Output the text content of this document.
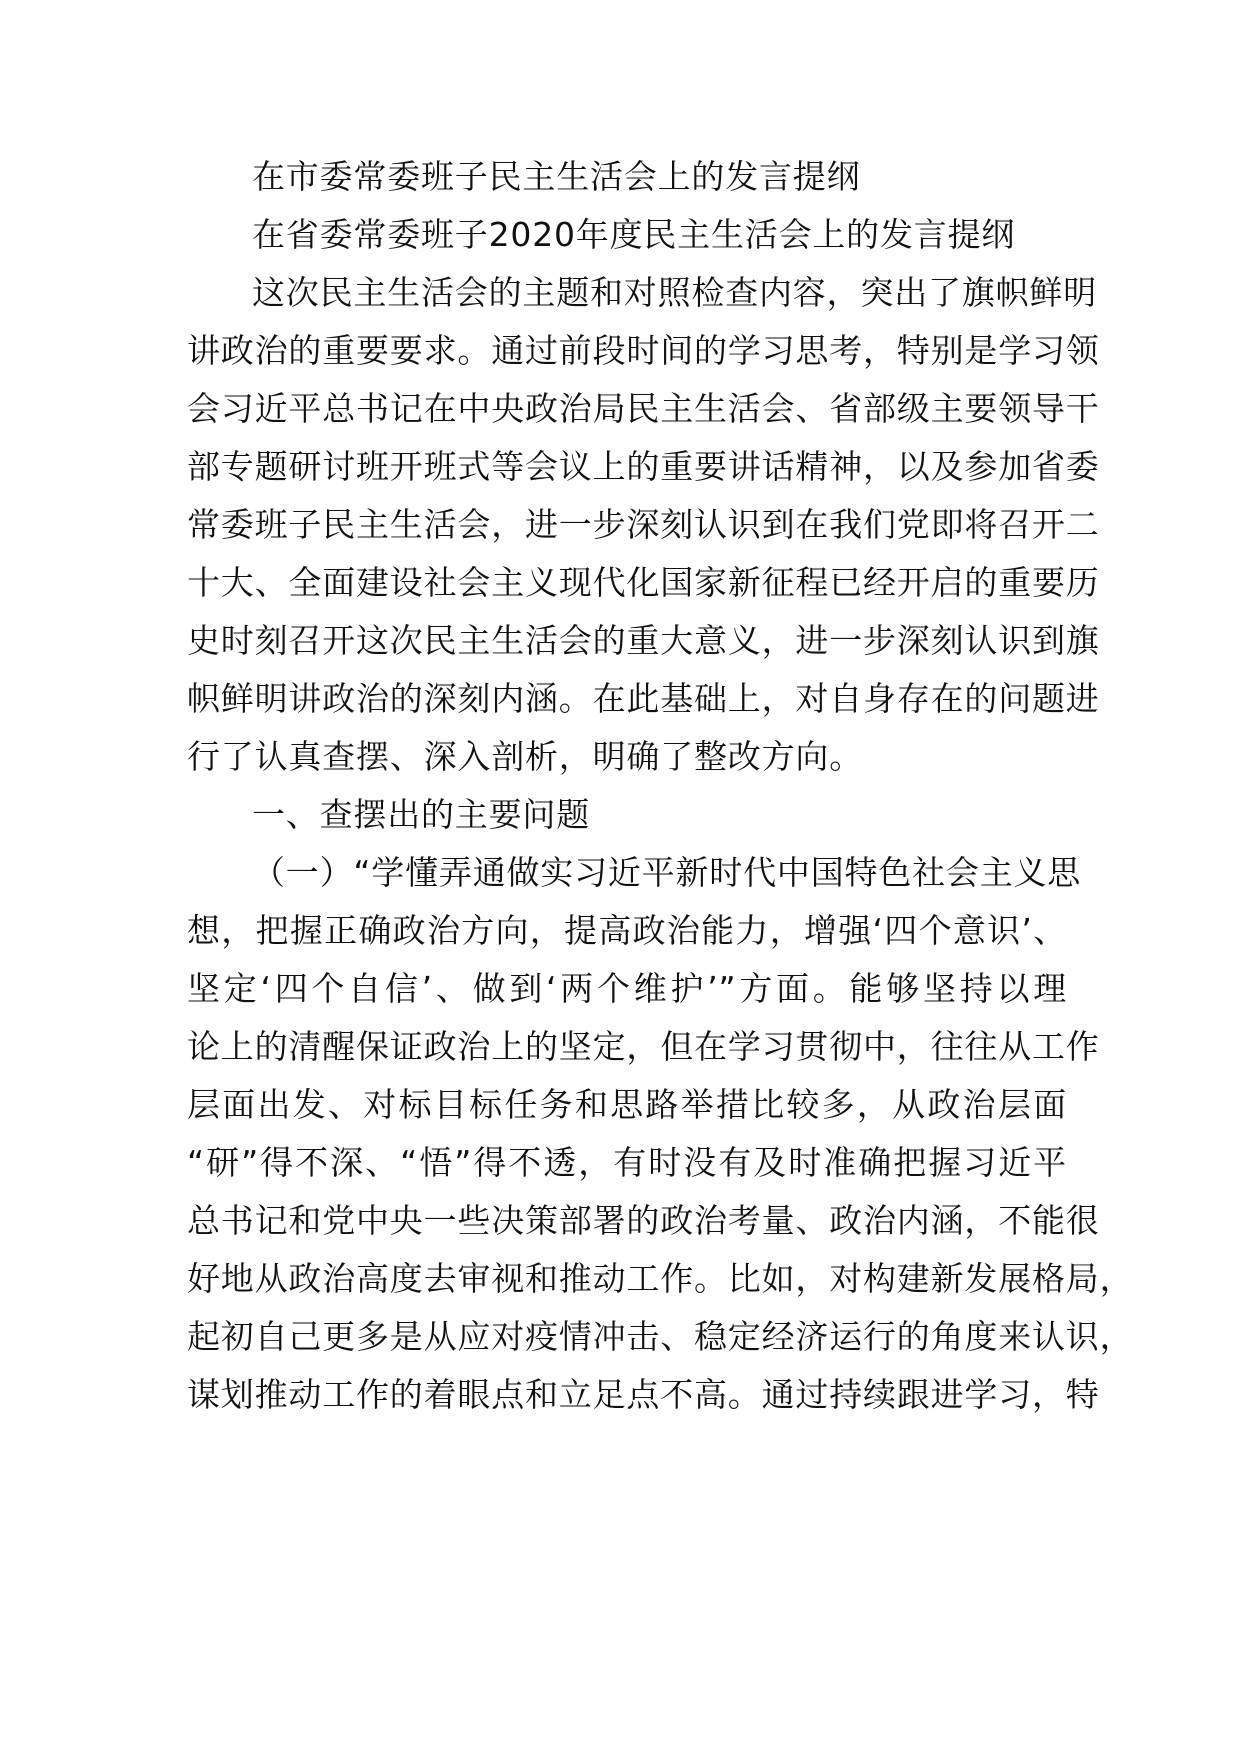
在市委常委班子民主生活会上的发言提纲
在省委常委班子2020年度民主生活会上的发言提纲
这次民主生活会的主题和对照检查内容，突出了旗帜鲜明
讲政治的重要要求。通过前段时间的学习思考，特别是学习领
会习近平总书记在中央政治局民主生活会、省部级主要领导干
部专题研讨班开班式等会议上的重要讲话精神，以及参加省委
常委班子民主生活会，进一步深刻认识到在我们党即将召开二
十大、全面建设社会主义现代化国家新征程已经开启的重要历
史时刻召开这次民主生活会的重大意义，进一步深刻认识到旗
帜鲜明讲政治的深刻内涵。在此基础上，对自身存在的问题进
行了认真查摆、深入剖析，明确了整改方向。
一、查摆出的主要问题
（一）“学懂弄通做实习近平新时代中国特色社会主义思
想，把握正确政治方向，提高政治能力，增强‘四个意识’、
坚定‘四个自信’、做到‘两个维护’”方面。能够坚持以理
论上的清醒保证政治上的坚定，但在学习贯彻中，往往从工作
层面出发、对标目标任务和思路举措比较多，从政治层面
“研”得不深、“悟”得不透，有时没有及时准确把握习近平
总书记和党中央一些决策部署的政治考量、政治内涵，不能很
好地从政治高度去审视和推动工作。比如，对构建新发展格局，
起初自己更多是从应对疫情冲击、稳定经济运行的角度来认识，
谋划推动工作的着眼点和立足点不高。通过持续跟进学习，特
